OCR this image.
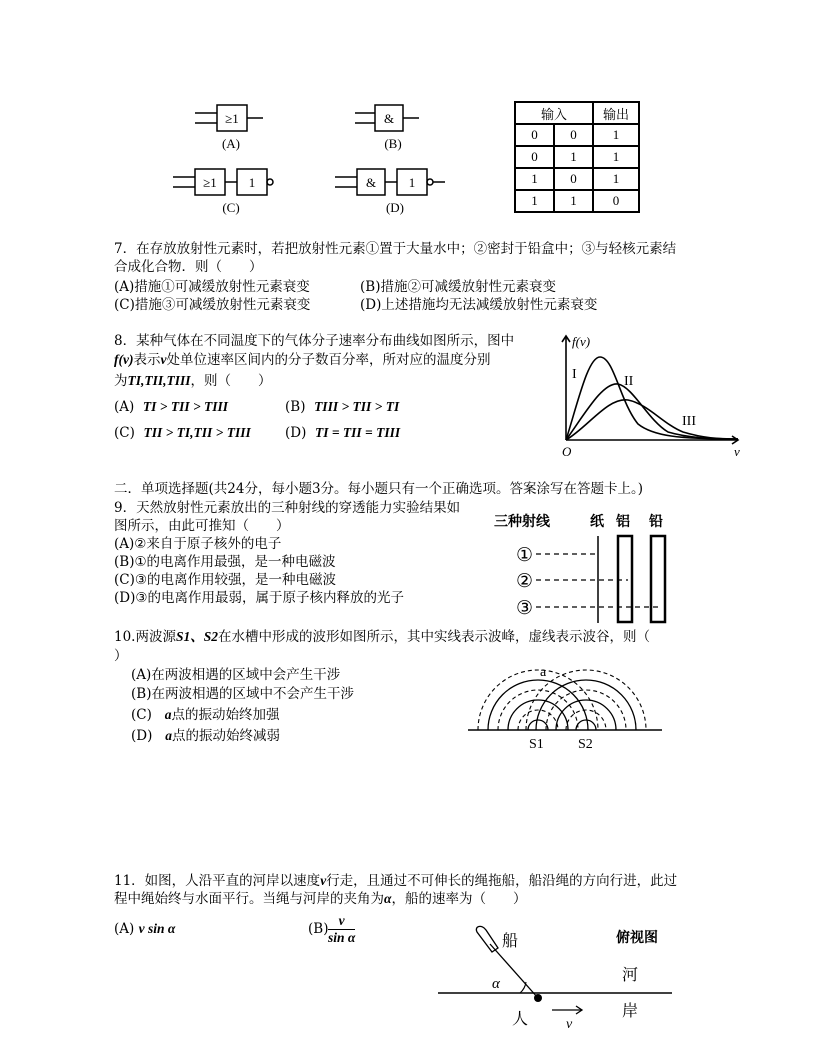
≥1
(A)
&
(B)
≥1 1
(C)
&	1
(D)
输入		输出
0	0	1
0	1	1
1	0	1
1	1	0
7．在存放放射性元素时，若把放射性元素①置于大量水中；②密封于铅盒中；③与轻核元素结
合成化合物．则（　　）
(A)措施①可减缓放射性元素衰变	(B)措施②可减缓放射性元素衰变
(C)措施③可减缓放射性元素衰变	(D)上述措施均无法减缓放射性元素衰变
8．某种气体在不同温度下的气体分子速率分布曲线如图所示，图中
f(v)表示v处单位速率区间内的分子数百分率，所对应的温度分别
为TI,TII,TIII，则（　　）
(A) TI > TII > TIII	(B) TIII > TII > TI
(C) TII > TI,TII > TIII	(D) TI = TII = TIII
f(v)
v
O
I	II
III
二．单项选择题(共24分，每小题3分。每小题只有一个正确选项。答案涂写在答题卡上。)
9．天然放射性元素放出的三种射线的穿透能力实验结果如
图所示，由此可推知（　　）
(A)②来自于原子核外的电子
(B)①的电离作用最强，是一种电磁波
(C)③的电离作用较强，是一种电磁波
(D)③的电离作用最弱，属于原子核内释放的光子
三种射线	纸 铝 铅
①
②
③
10.两波源S1、S2在水槽中形成的波形如图所示，其中实线表示波峰，虚线表示波谷，则（
）
(A)在两波相遇的区域中会产生干涉
(B)在两波相遇的区域中不会产生干涉
(C) a点的振动始终加强
(D) a点的振动始终减弱
a
S1 S2
11．如图，人沿平直的河岸以速度v行走，且通过不可伸长的绳拖船，船沿绳的方向行进，此过
程中绳始终与水面平行。当绳与河岸的夹角为α，船的速率为（　　）
(A) v sin α	$(B) \frac{v}{\text{sin α}}$	船	俯视图
河
岸
人
α
v
